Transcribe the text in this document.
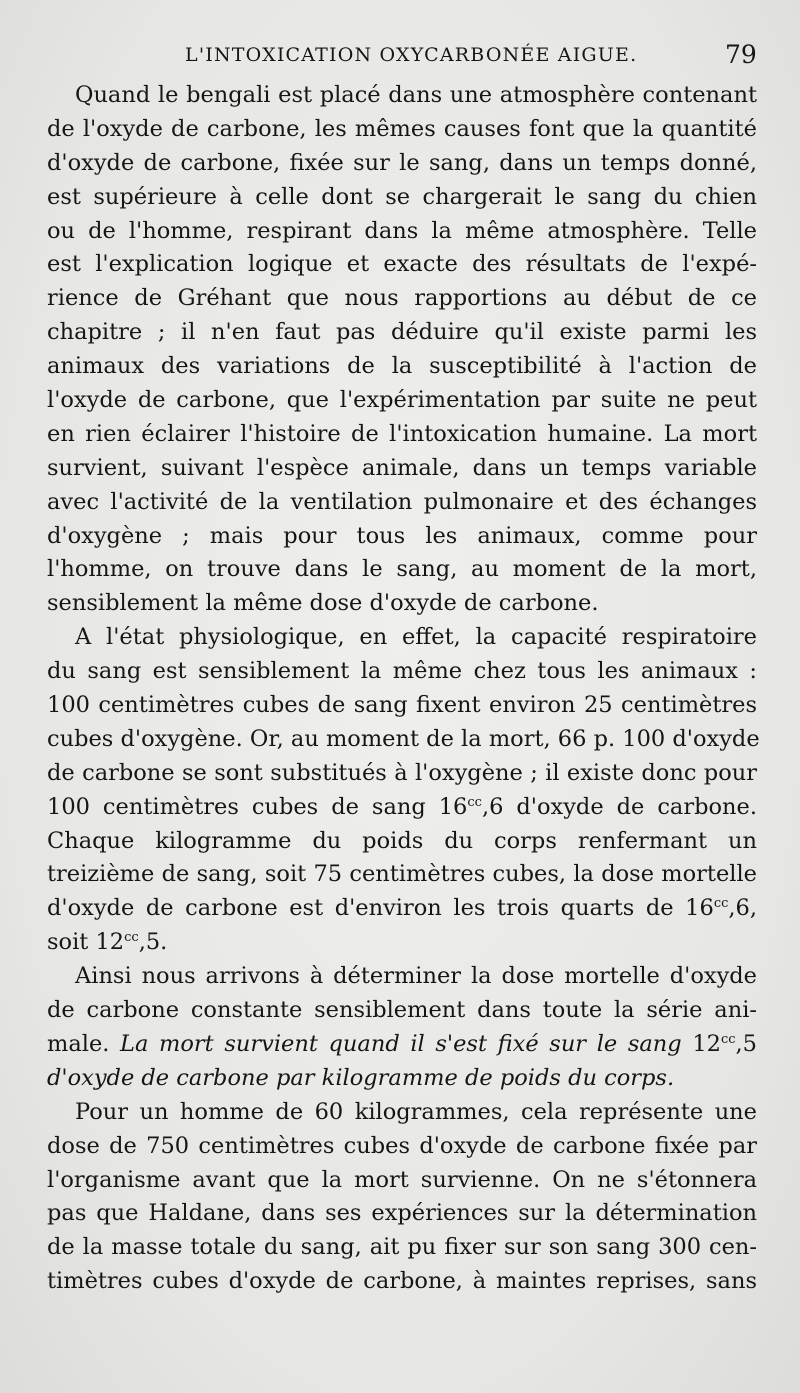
L'INTOXICATION OXYCARBONÉE AIGUE.	79
Quand le bengali est placé dans une atmosphère contenant
de l'oxyde de carbone, les mêmes causes font que la quantité
d'oxyde de carbone, fixée sur le sang, dans un temps donné,
est supérieure à celle dont se chargerait le sang du chien
ou de l'homme, respirant dans la même atmosphère. Telle
est l'explication logique et exacte des résultats de l'expé-
rience de Gréhant que nous rapportions au début de ce
chapitre ; il n'en faut pas déduire qu'il existe parmi les
animaux des variations de la susceptibilité à l'action de
l'oxyde de carbone, que l'expérimentation par suite ne peut
en rien éclairer l'histoire de l'intoxication humaine. La mort
survient, suivant l'espèce animale, dans un temps variable
avec l'activité de la ventilation pulmonaire et des échanges
d'oxygène ; mais pour tous les animaux, comme pour
l'homme, on trouve dans le sang, au moment de la mort,
sensiblement la même dose d'oxyde de carbone.
A l'état physiologique, en effet, la capacité respiratoire
du sang est sensiblement la même chez tous les animaux :
100 centimètres cubes de sang fixent environ 25 centimètres
cubes d'oxygène. Or, au moment de la mort, 66 p. 100 d'oxyde
de carbone se sont substitués à l'oxygène ; il existe donc pour
100 centimètres cubes de sang $16^{cc},6$ d'oxyde de carbone.
Chaque kilogramme du poids du corps renfermant un
treizième de sang, soit 75 centimètres cubes, la dose mortelle
d'oxyde de carbone est d'environ les trois quarts de $16^{cc},6$,
soit $12^{cc},5$.
Ainsi nous arrivons à déterminer la dose mortelle d'oxyde
de carbone constante sensiblement dans toute la série ani-
male. La mort survient quand il s'est fixé sur le sang $12^{cc},5$
d'oxyde de carbone par kilogramme de poids du corps.
Pour un homme de 60 kilogrammes, cela représente une
dose de 750 centimètres cubes d'oxyde de carbone fixée par
l'organisme avant que la mort survienne. On ne s'étonnera
pas que Haldane, dans ses expériences sur la détermination
de la masse totale du sang, ait pu fixer sur son sang 300 cen-
timètres cubes d'oxyde de carbone, à maintes reprises, sans
